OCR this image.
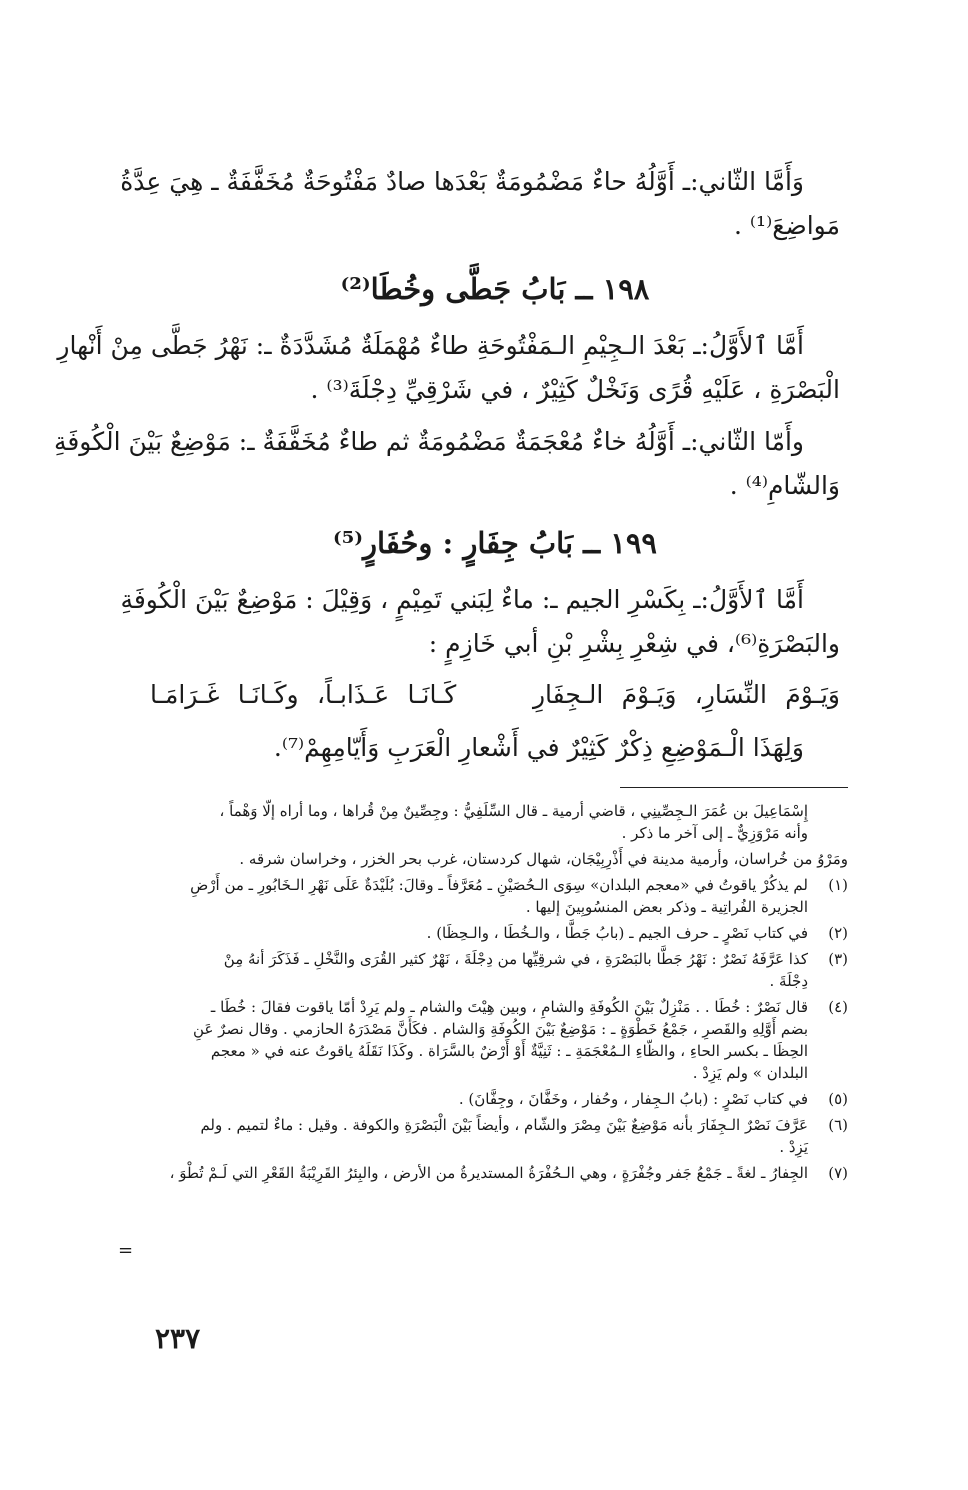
وَأَمَّا الثّاني:ـ أَوَّلُهُ حاءٌ مَضْمُومَةٌ بَعْدَها صادٌ مَفْتُوحَةٌ مُخَفَّفَةٌ ـ هِيَ عِدَّةُ
مَواضِعَ⁽¹⁾ .
١٩٨ ــ بَابُ جَطَّى وخُطَا⁽²⁾
أَمَّا ٱلأَوَّلُ:ـ بَعْدَ الـجِيْمِ الـمَفْتُوحَةِ طاءٌ مُهْمَلَةٌ مُشَدَّدَةٌ ـ: نَهْرُ جَطَّى مِنْ أَنْهارِ
الْبَصْرَةِ ، عَلَيْهِ قُرًى وَنَخْلٌ كَثِيْرٌ ، في شَرْقِيِّ دِجْلَةَ⁽³⁾ .
وأَمّا الثّاني:ـ أَوَّلُهُ خاءٌ مُعْجَمَةٌ مَضْمُومَةٌ ثم طاءٌ مُخَفَّفَةٌ ـ: مَوْضِعٌ بَيْنَ الْكُوفَةِ
وَالشّامِ⁽⁴⁾ .
١٩٩ ــ بَابُ جِفَارٍ : وحُفَارٍ⁽⁵⁾
أَمَّا ٱلأَوَّلُ:ـ بِكَسْرِ الجيم ـ: ماءٌ لِبَني تَمِيْمٍ ، وَقِيْلَ : مَوْضِعٌ بَيْنَ الْكُوفَةِ
والبَصْرَةِ⁽⁶⁾، في شِعْرِ بِشْرِ بْنِ أبي خَازِمٍ :
وَيَـوْمَ النِّسَارِ، وَيَـوْمَ الـجِفَارِ  كَـانَـا عَـذَابـاً، وكَـانَـا غَـرَامَـا
وَلِهَذَا الْـمَوْضِعِ ذِكْرٌ كَثِيْرٌ في أَشْعارِ الْعَرَبِ وَأَيّامِهِمْ⁽⁷⁾.
إِسْمَاعِيلَ بن عُمَرَ الـجِصِّينِي ، قاضي أرمية ـ قال السِّلَفِيُّ : وجِصِّينٌ مِنْ قُراها ، وما أراه إلّا وَهْماً ،
وأنه مَرْوَزِيٌّ ـ إلى آخر ما ذكر .
ومَرْوُ من خُراسان، وأرمية مدينة في أَذْرِبِيْجَان، شهال كردستان، غرب بحر الخزر ، وخراسان شرقه .
(١)
لم يذكُرْ ياقوتُ في «معجم البلدان» سِوَى الـحُصَيْنِ ـ مُعَرَّفاً ـ وقالَ: بُلَيْدَةٌ عَلَى نَهْرِ الـخَابُورِ ـ من أَرْضِ
الجزيرة الفُراتِية ـ وذكر بعض المنسُوبِينَ إليها .
(٢)
في كتاب نَصْرٍ ـ حرف الجيم ـ (بابُ جَطَّا ، والـخُطَا ، والـحِظَا) .
(٣)
كذا عَرَّفَهُ نَصْرٌ : نَهْرُ جَطَّا بالبَصْرَةِ ، في شرقِيِّها من دِجْلَةَ ، نَهْرٌ كثير القُرَى والنَّخْلِ ـ فَذَكَرَ أنهُ مِنْ
دِجْلَةَ .
(٤)
قال نَصْرٌ : خُطَا . . مَنْزِلٌ بَيْنَ الكُوفَةِ والشامِ ، وبين هِيْتَ والشام ـ ولم يَرِدْ أمّا ياقوت فقالَ : خُطَا ـ
بضم أَوَّلِهِ والقَصرِ ، جَمْعُ خَطْوَةٍ ـ : مَوْضِعٌ بَيْنَ الكُوفَةِ وَالشام . فكَأَنَّ مَصْدَرَهُ الحازمي . وقال نصرٌ عَنِ
الحِظَا ـ بكسر الحاءِ ، والظّاءِ الـمُعْجَمَةِ ـ : ثَنِيَّةٌ أَوْ أَرْضٌ بالسَّرَاة . وكَذَا نَقَلَهُ ياقوتُ عنه في « معجم
البلدان » ولم يَزِدْ .
(٥)
في كتاب نَصْرٍ : (بابُ الـجِفار ، وحُفار ، وخَفَّانَ ، وجِفَّانَ) .
(٦)
عَرَّفَ نَصْرٌ الـجِفَارَ بأنه مَوْضِعٌ بَيْنَ مِصْرَ والشّام ، وأيضاً بَيْنَ الْبَصْرَةِ والكوفة . وقيل : ماءٌ لتميم . ولم
يَزِدْ .
(٧)
الجِفارُ ـ لغةً ـ جَمْعُ جَفر وجُفْرَةٍ ، وهي الـحُفْرَةُ المستديرةُ من الأرض ، والبِئرُ القَرِيْبَةُ القَعْرِ التي لَـمْ تُطْوَ ،
=
٢٣٧
